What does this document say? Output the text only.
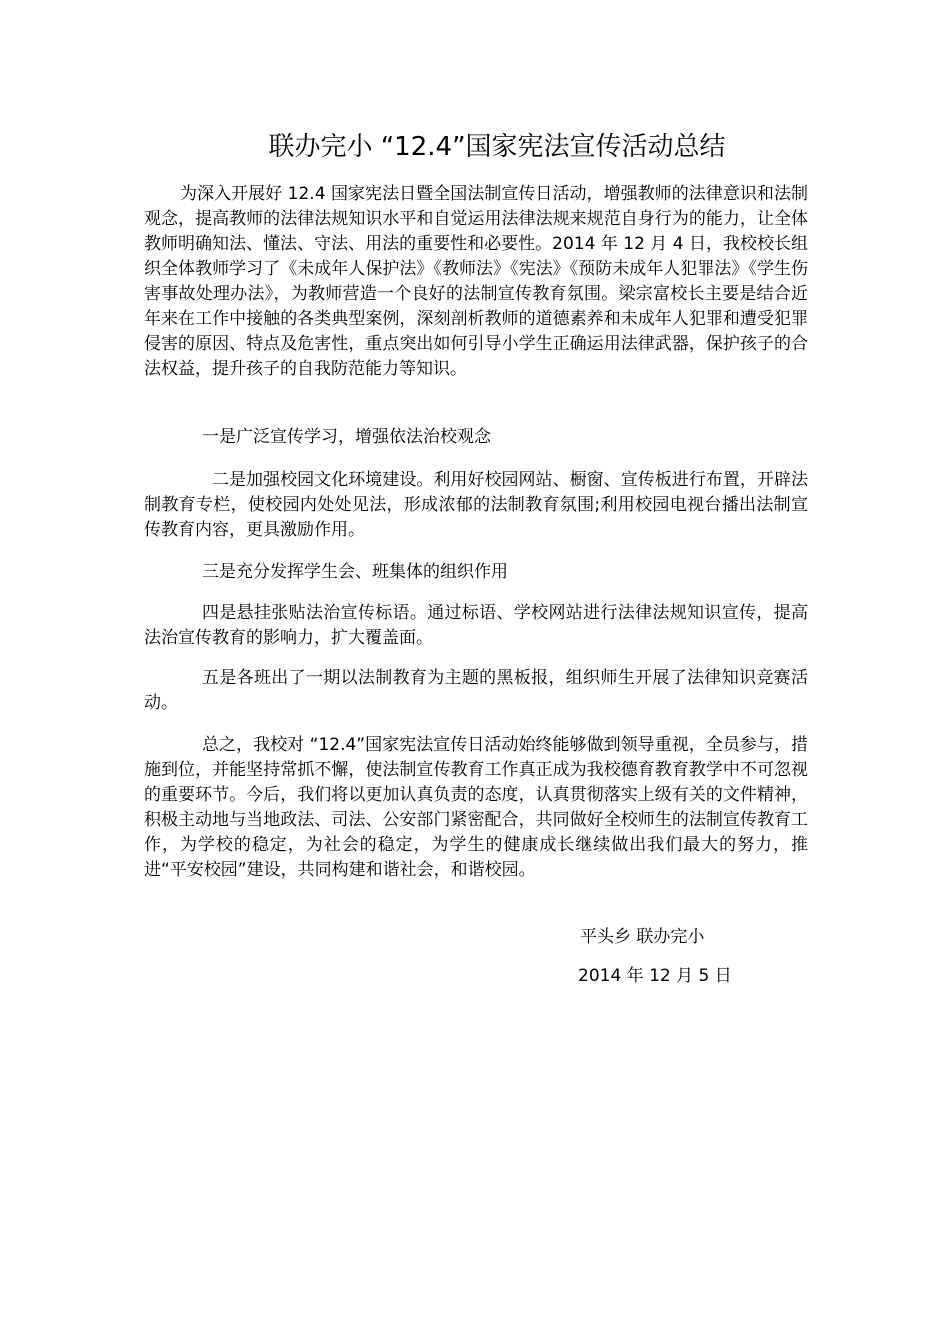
联办完小 “12.4”国家宪法宣传活动总结

为深入开展好 12.4 国家宪法日暨全国法制宣传日活动，增强教师的法律意识和法制观念，提高教师的法律法规知识水平和自觉运用法律法规来规范自身行为的能力，让全体教师明确知法、懂法、守法、用法的重要性和必要性。2014 年 12 月 4 日，我校校长组织全体教师学习了《未成年人保护法》《教师法》《宪法》《预防未成年人犯罪法》《学生伤害事故处理办法》，为教师营造一个良好的法制宣传教育氛围。梁宗富校长主要是结合近年来在工作中接触的各类典型案例，深刻剖析教师的道德素养和未成年人犯罪和遭受犯罪侵害的原因、特点及危害性，重点突出如何引导小学生正确运用法律武器，保护孩子的合法权益，提升孩子的自我防范能力等知识。

一是广泛宣传学习，增强依法治校观念

二是加强校园文化环境建设。利用好校园网站、橱窗、宣传板进行布置，开辟法制教育专栏，使校园内处处见法，形成浓郁的法制教育氛围;利用校园电视台播出法制宣传教育内容，更具激励作用。

三是充分发挥学生会、班集体的组织作用

四是悬挂张贴法治宣传标语。通过标语、学校网站进行法律法规知识宣传，提高法治宣传教育的影响力，扩大覆盖面。

五是各班出了一期以法制教育为主题的黑板报，组织师生开展了法律知识竞赛活动。

总之，我校对 “12.4”国家宪法宣传日活动始终能够做到领导重视，全员参与，措施到位，并能坚持常抓不懈，使法制宣传教育工作真正成为我校德育教育教学中不可忽视的重要环节。今后，我们将以更加认真负责的态度，认真贯彻落实上级有关的文件精神，积极主动地与当地政法、司法、公安部门紧密配合，共同做好全校师生的法制宣传教育工作，为学校的稳定，为社会的稳定，为学生的健康成长继续做出我们最大的努力，推进“平安校园”建设，共同构建和谐社会，和谐校园。

平头乡 联办完小
2014 年 12 月 5 日
